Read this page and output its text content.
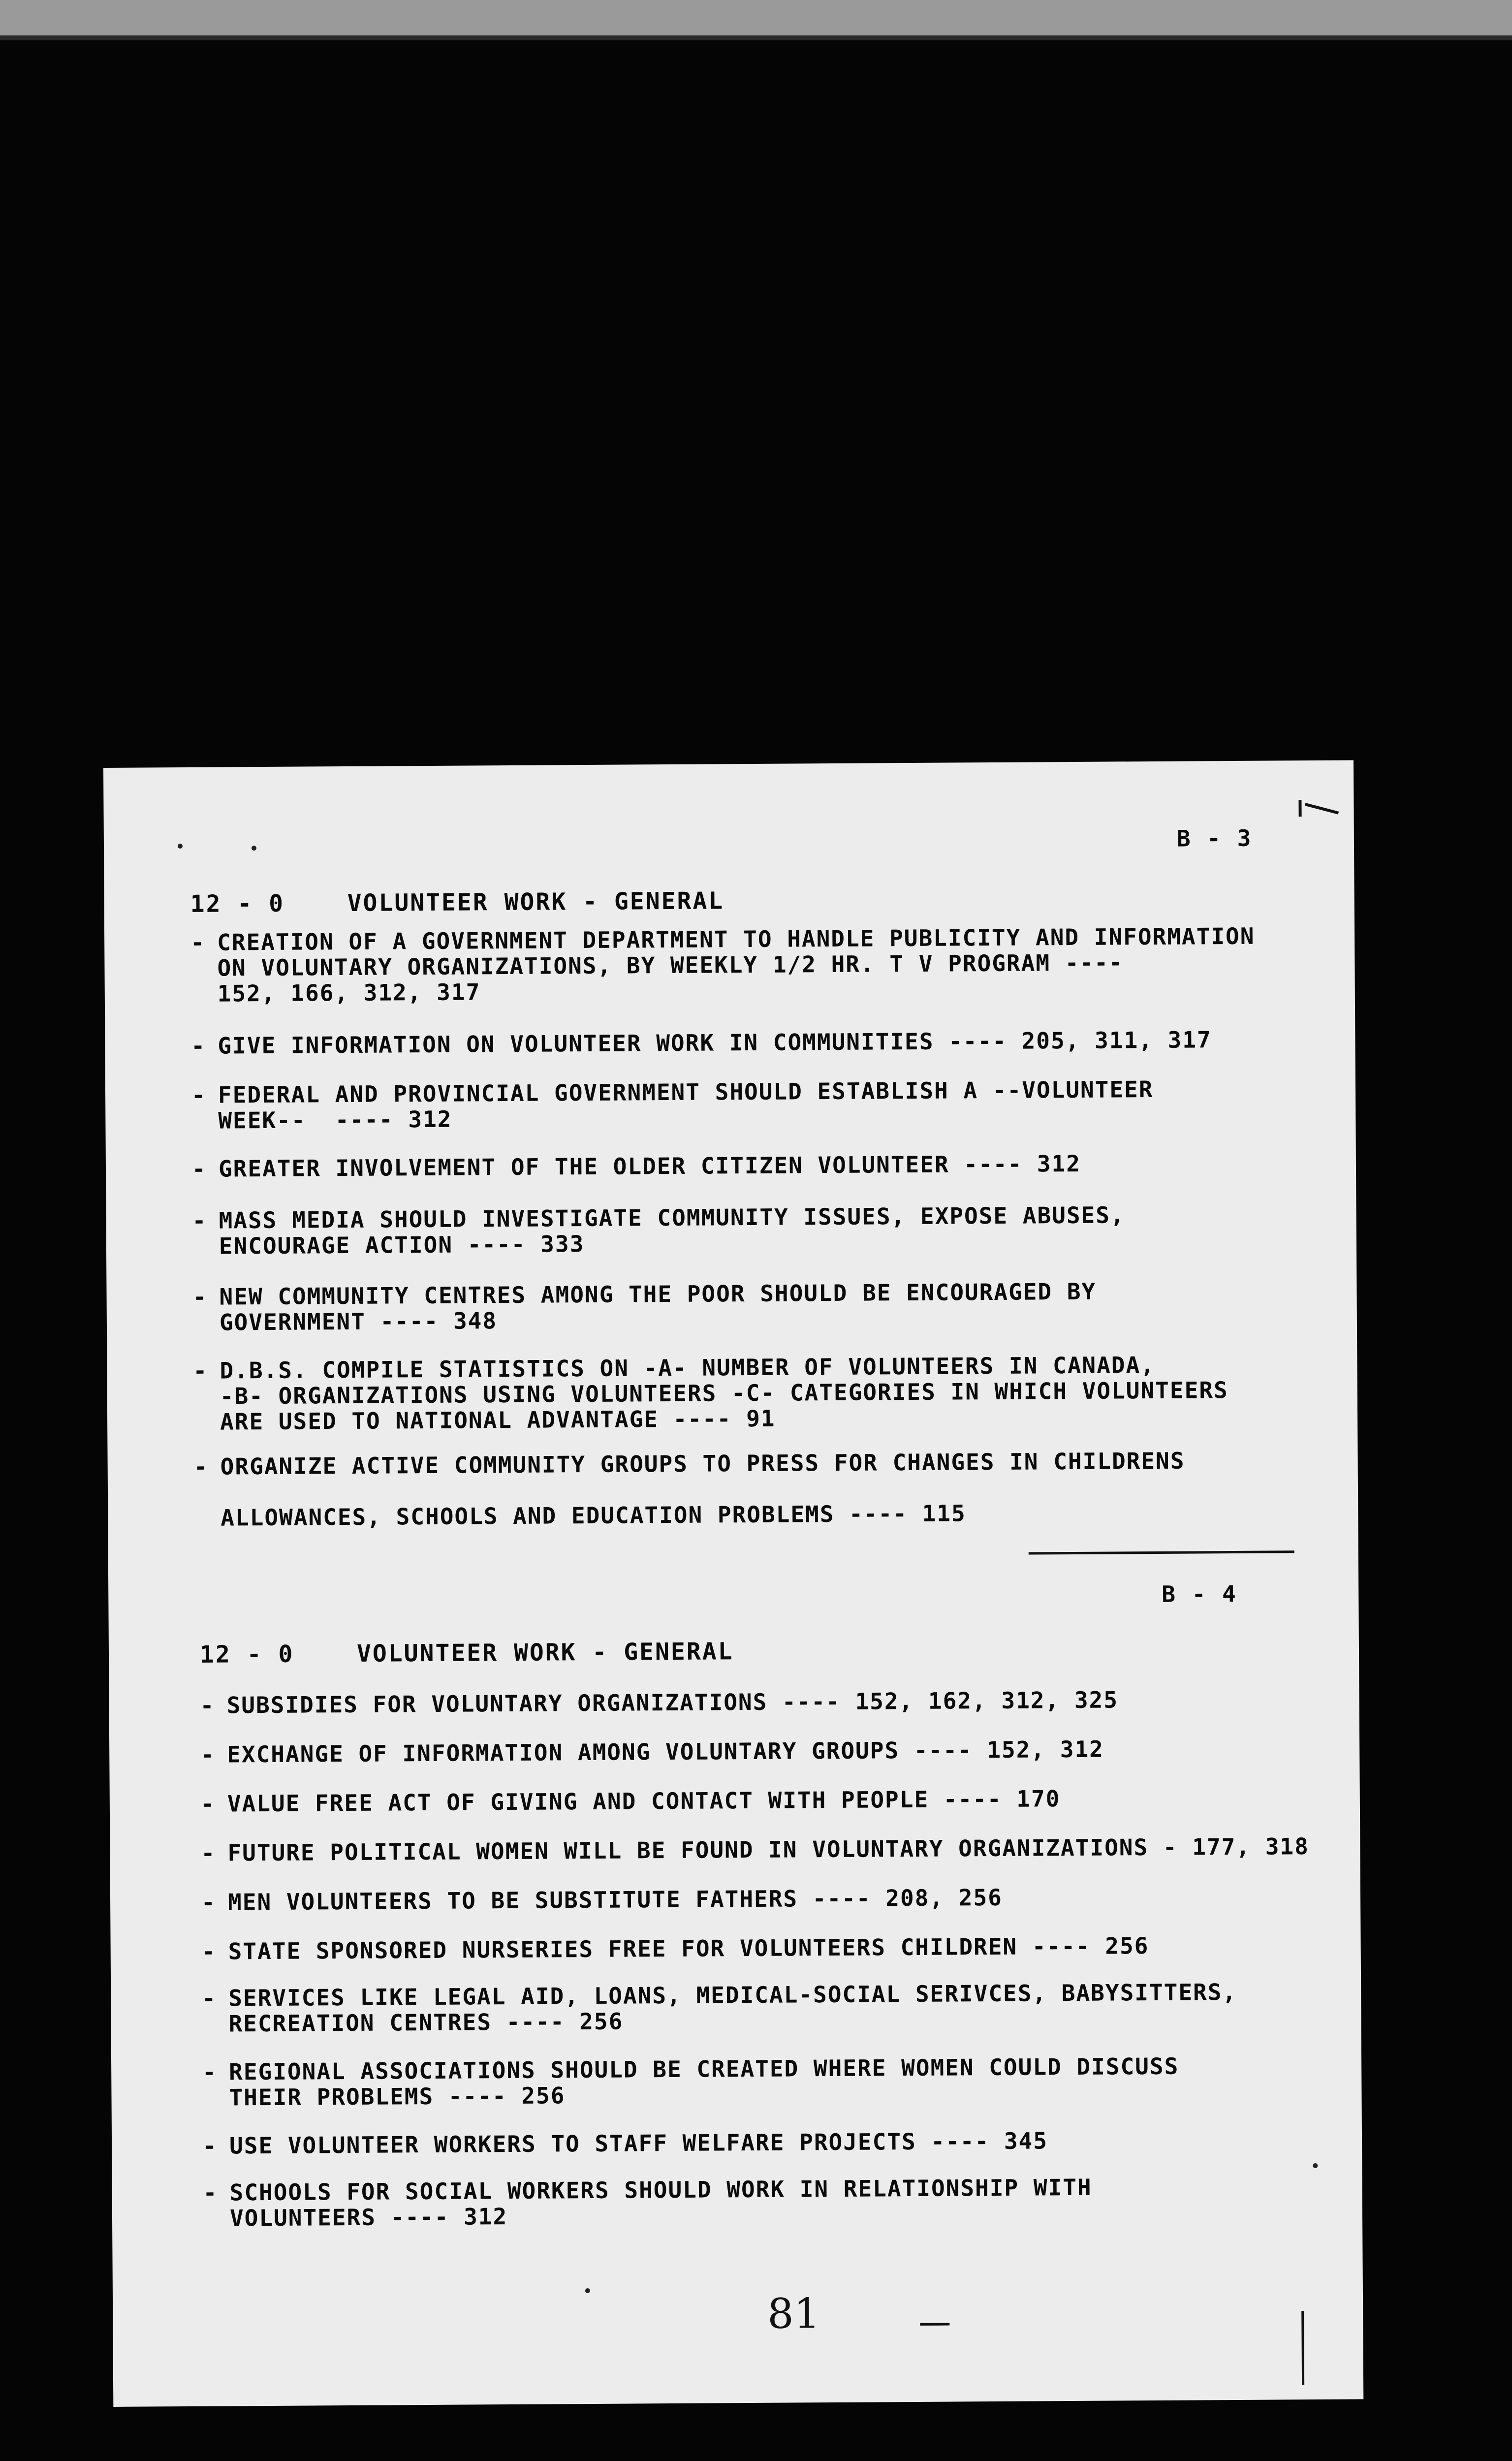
B - 3
12 - 0    VOLUNTEER WORK - GENERAL
- CREATION OF A GOVERNMENT DEPARTMENT TO HANDLE PUBLICITY AND INFORMATION
ON VOLUNTARY ORGANIZATIONS, BY WEEKLY 1/2 HR. T V PROGRAM ----
152, 166, 312, 317
- GIVE INFORMATION ON VOLUNTEER WORK IN COMMUNITIES ---- 205, 311, 317
- FEDERAL AND PROVINCIAL GOVERNMENT SHOULD ESTABLISH A --VOLUNTEER
WEEK--  ---- 312
- GREATER INVOLVEMENT OF THE OLDER CITIZEN VOLUNTEER ---- 312
- MASS MEDIA SHOULD INVESTIGATE COMMUNITY ISSUES, EXPOSE ABUSES,
ENCOURAGE ACTION ---- 333
- NEW COMMUNITY CENTRES AMONG THE POOR SHOULD BE ENCOURAGED BY
GOVERNMENT ---- 348
- D.B.S. COMPILE STATISTICS ON -A- NUMBER OF VOLUNTEERS IN CANADA,
-B- ORGANIZATIONS USING VOLUNTEERS -C- CATEGORIES IN WHICH VOLUNTEERS
ARE USED TO NATIONAL ADVANTAGE ---- 91
- ORGANIZE ACTIVE COMMUNITY GROUPS TO PRESS FOR CHANGES IN CHILDRENS

ALLOWANCES, SCHOOLS AND EDUCATION PROBLEMS ---- 115
B - 4
12 - 0    VOLUNTEER WORK - GENERAL
- SUBSIDIES FOR VOLUNTARY ORGANIZATIONS ---- 152, 162, 312, 325
- EXCHANGE OF INFORMATION AMONG VOLUNTARY GROUPS ---- 152, 312
- VALUE FREE ACT OF GIVING AND CONTACT WITH PEOPLE ---- 170
- FUTURE POLITICAL WOMEN WILL BE FOUND IN VOLUNTARY ORGANIZATIONS - 177, 318
- MEN VOLUNTEERS TO BE SUBSTITUTE FATHERS ---- 208, 256
- STATE SPONSORED NURSERIES FREE FOR VOLUNTEERS CHILDREN ---- 256
- SERVICES LIKE LEGAL AID, LOANS, MEDICAL-SOCIAL SERIVCES, BABYSITTERS,
RECREATION CENTRES ---- 256
- REGIONAL ASSOCIATIONS SHOULD BE CREATED WHERE WOMEN COULD DISCUSS
THEIR PROBLEMS ---- 256
- USE VOLUNTEER WORKERS TO STAFF WELFARE PROJECTS ---- 345
- SCHOOLS FOR SOCIAL WORKERS SHOULD WORK IN RELATIONSHIP WITH
VOLUNTEERS ---- 312
81
